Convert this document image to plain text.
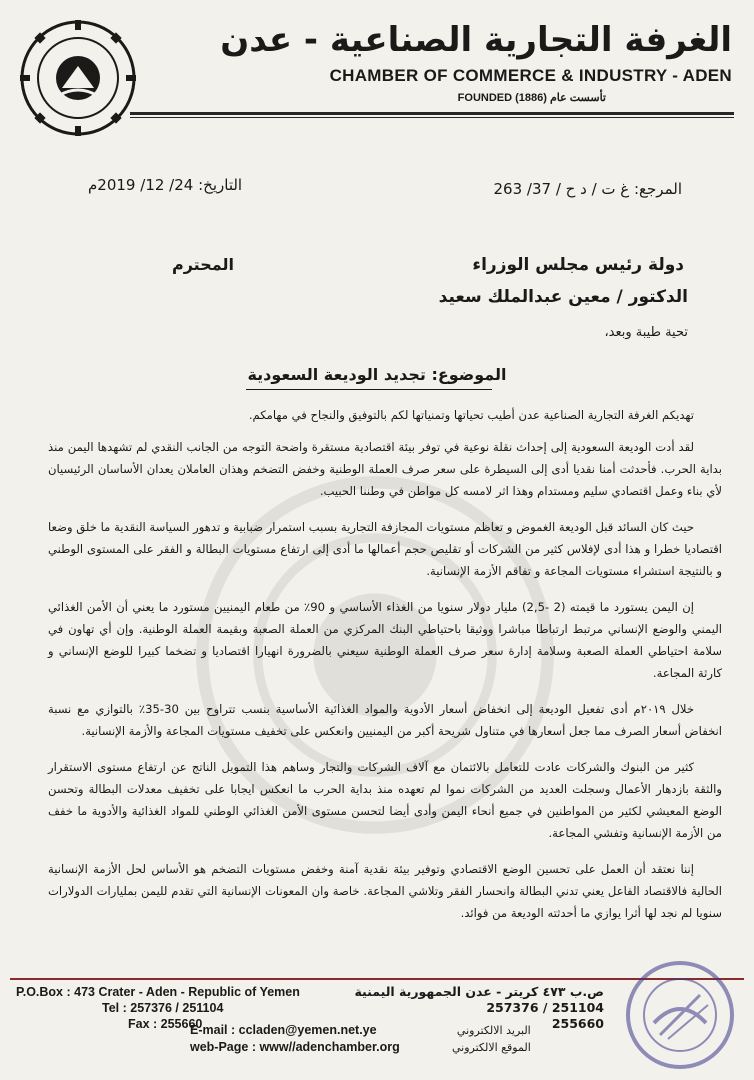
الغرفة التجارية الصناعية - عدن
CHAMBER OF COMMERCE & INDUSTRY - ADEN
FOUNDED (1886) تأسست عام
المرجع: غ ت / د ح / 37/ 263
التاريخ: 24/ 12/ 2019م
دولة رئيس مجلس الوزراء
المحترم
الدكتور / معين عبدالملك سعيد
تحية طيبة وبعد،
الموضوع: تجديد الوديعة السعودية

تهديكم الغرفة التجارية الصناعية عدن أطيب تحياتها وتمنياتها لكم بالتوفيق والنجاح في مهامكم.

لقد أدت الوديعة السعودية إلى إحداث نقلة نوعية في توفر بيئة اقتصادية مستقرة واضحة التوجه من الجانب النقدي لم تشهدها اليمن منذ بداية الحرب. فأحدثت أمنا نقديا أدى إلى السيطرة على سعر صرف العملة الوطنية وخفض التضخم وهذان العاملان يعدان الأساسان الرئيسيان لأي بناء وعمل اقتصادي سليم ومستدام وهذا اثر لامسه كل مواطن في وطننا الحبيب.

حيث كان السائد قبل الوديعة الغموض و تعاظم مستويات المجازفة التجارية بسبب استمرار ضبابية و تدهور السياسة النقدية ما خلق وضعا اقتصاديا خطرا و هذا أدى لإفلاس كثير من الشركات أو تقليص حجم أعمالها ما أدى إلى ارتفاع مستويات البطالة و الفقر على المستوى الوطني و بالنتيجة استشراء مستويات المجاعة و تفاقم الأزمة الإنسانية.

إن اليمن يستورد ما قيمته (2 -2,5) مليار دولار سنويا من الغذاء الأساسي و 90٪ من طعام اليمنيين مستورد ما يعني أن الأمن الغذائي اليمني والوضع الإنساني مرتبط ارتباطا مباشرا ووثيقا باحتياطي البنك المركزي من العملة الصعبة وبقيمة العملة الوطنية. وإن أي تهاون في سلامة احتياطي العملة الصعبة وسلامة إدارة سعر صرف العملة الوطنية سيعني بالضرورة انهيارا اقتصاديا و تضخما كبيرا للوضع الإنساني و كارثة المجاعة.

خلال ٢٠١٩م أدى تفعيل الوديعة إلى انخفاض أسعار الأدوية والمواد الغذائية الأساسية بنسب تتراوح بين 30-35٪ بالتوازي مع نسبة انخفاض أسعار الصرف مما جعل أسعارها في متناول شريحة أكبر من اليمنيين وانعكس على تخفيف مستويات المجاعة والأزمة الإنسانية.

كثير من البنوك والشركات عادت للتعامل بالائتمان مع آلاف الشركات والتجار وساهم هذا التمويل الناتج عن ارتفاع مستوى الاستقرار والثقة بازدهار الأعمال وسجلت العديد من الشركات نموا لم تعهده منذ بداية الحرب ما انعكس ايجابا على تخفيف معدلات البطالة وتحسن الوضع المعيشي لكثير من المواطنين في جميع أنحاء اليمن وأدى أيضا لتحسن مستوى الأمن الغذائي الوطني للمواد الغذائية والأدوية ما خفف من الأزمة الإنسانية وتفشي المجاعة.

إننا نعتقد أن العمل على تحسين الوضع الاقتصادي وتوفير بيئة نقدية آمنة وخفض مستويات التضخم هو الأساس لحل الأزمة الإنسانية الحالية فالاقتصاد الفاعل يعني تدني البطالة وانحسار الفقر وتلاشي المجاعة. خاصة وان المعونات الإنسانية التي تقدم لليمن بمليارات الدولارات سنويا لم نجد لها أثرا يوازي ما أحدثته الوديعة من فوائد.

P.O.Box : 473 Crater - Aden - Republic of Yemen
Tel : 257376 / 251104
Fax : 255660
ص.ب ٤٧٣ كريتر - عدن الجمهورية اليمنية
251104 / 257376
255660
E-mail : ccladen@yemen.net.ye
web-Page : www//adenchamber.org
البريد الالكتروني
الموقع الالكتروني
